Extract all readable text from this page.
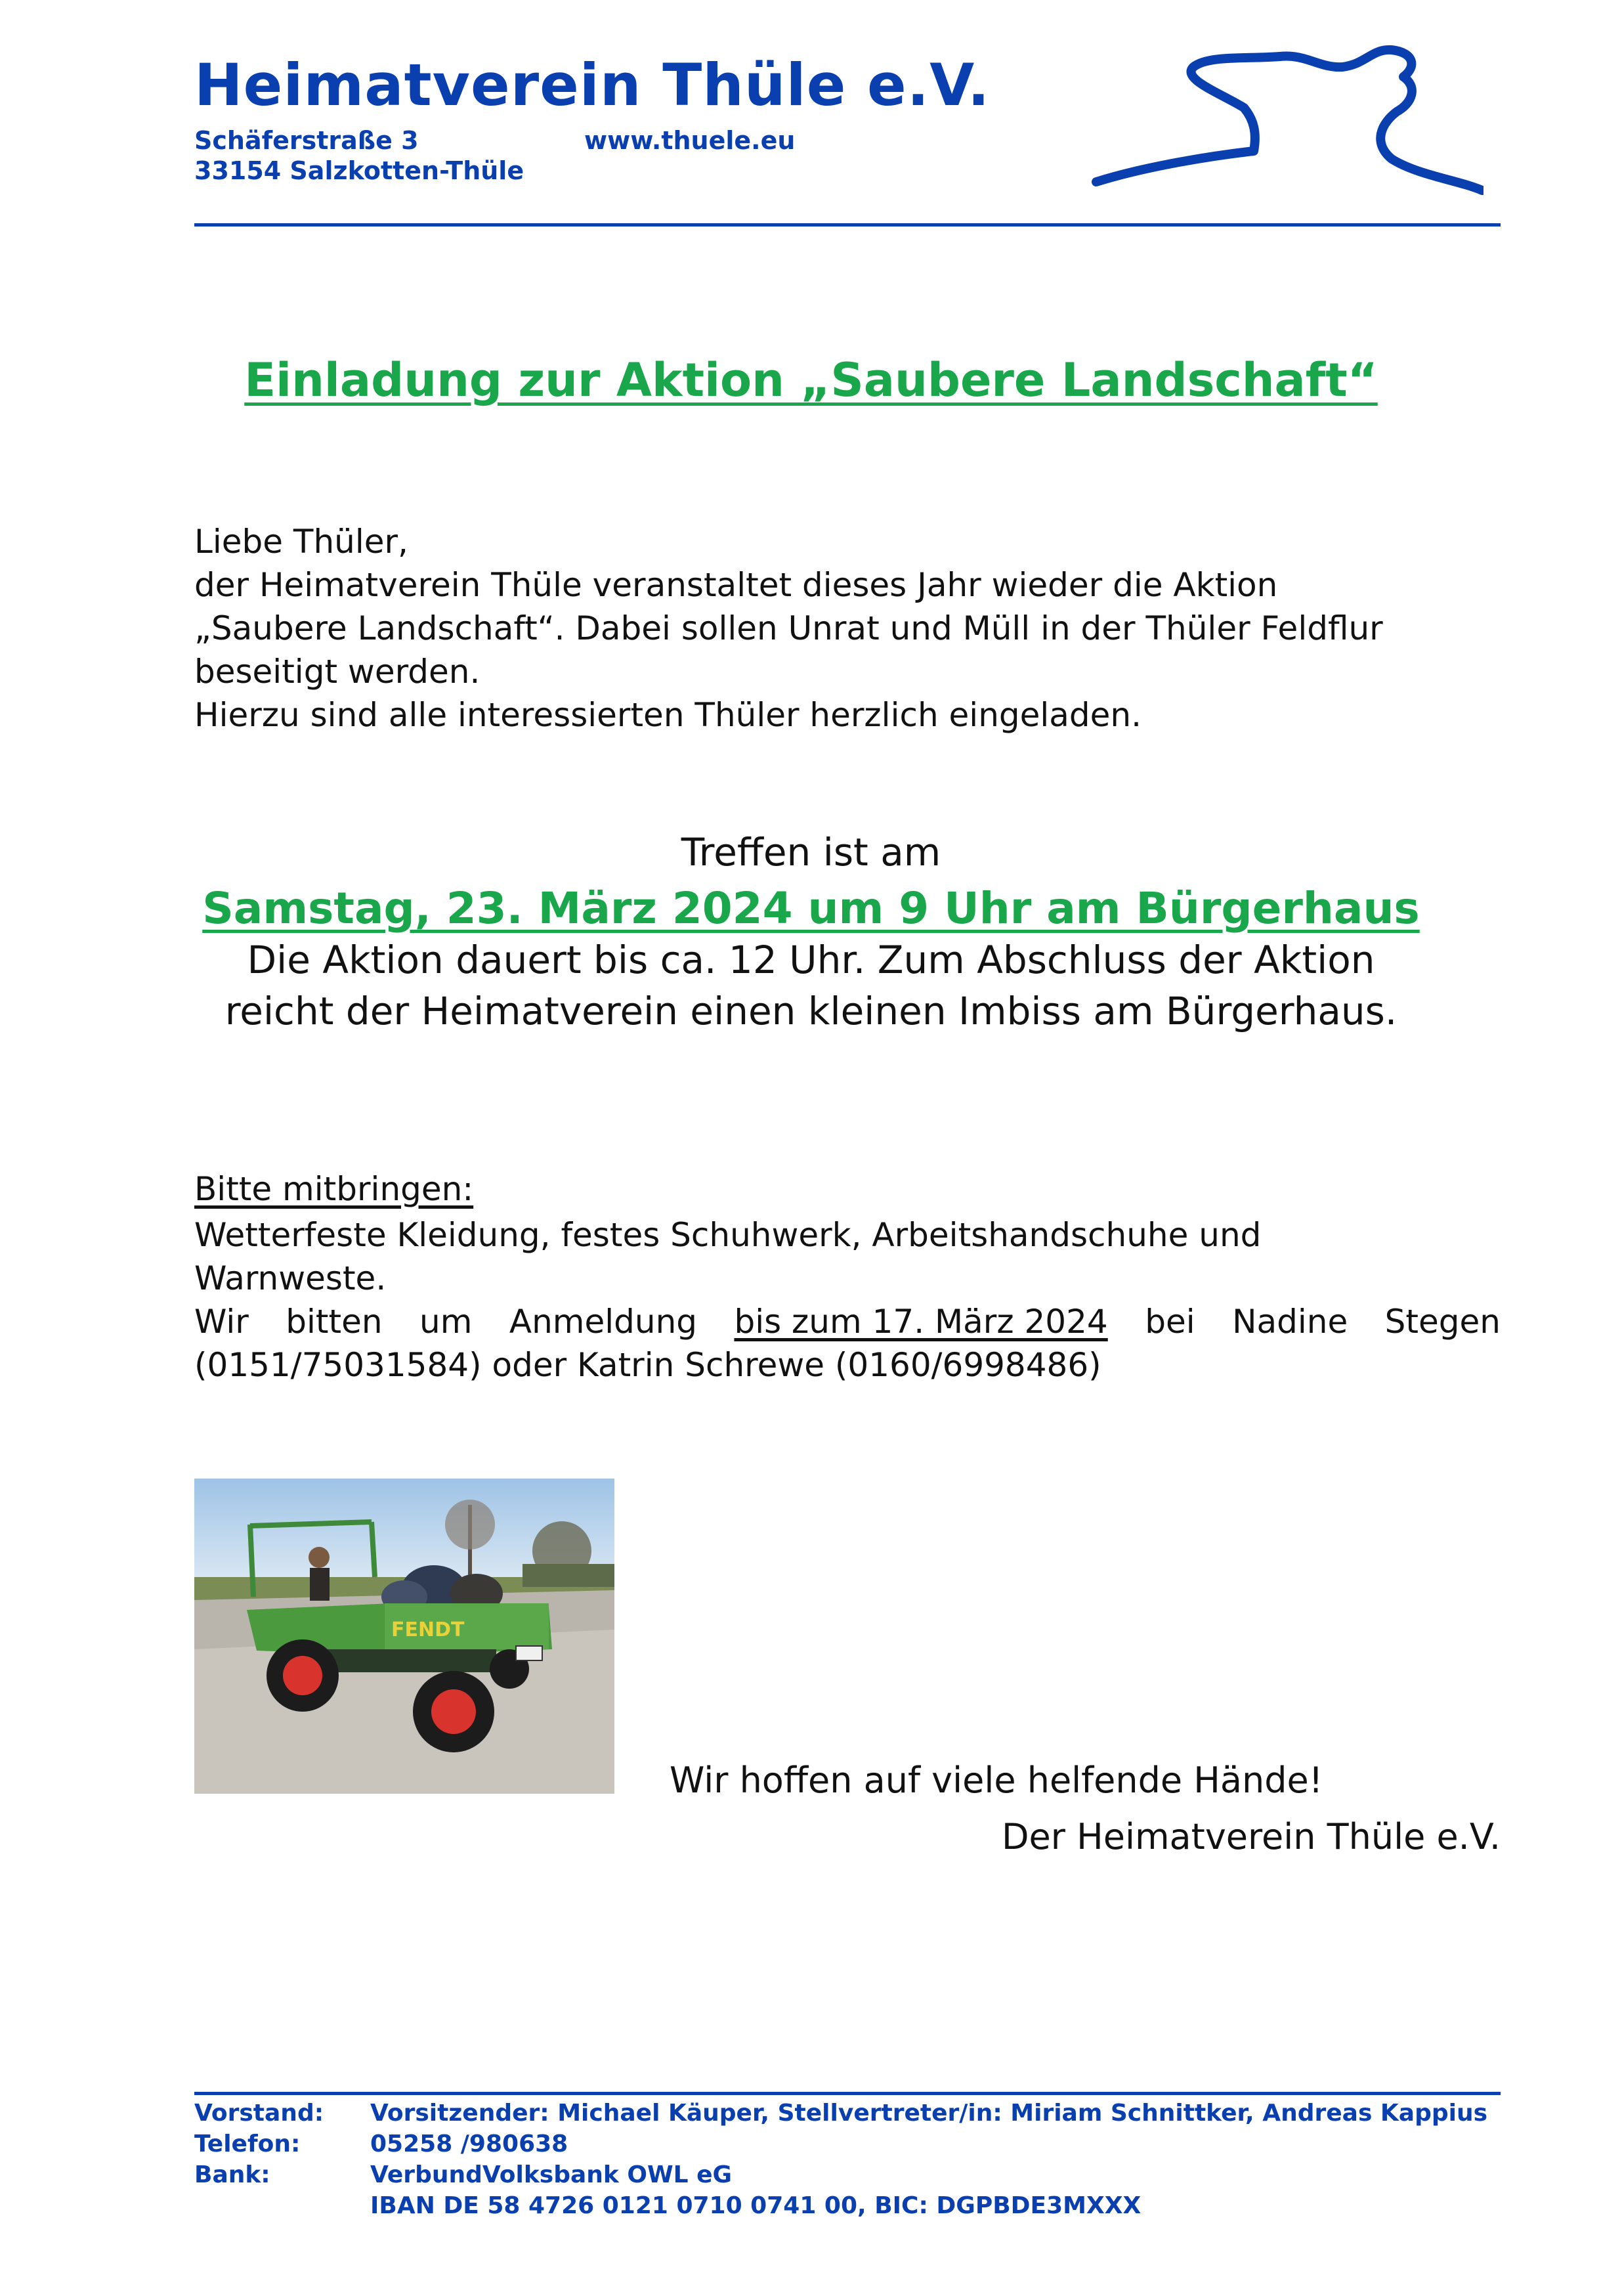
Heimatverein Thüle e.V.
Schäferstraße 3
33154 Salzkotten-Thüle
www.thuele.eu
Einladung zur Aktion „Saubere Landschaft“
Liebe Thüler,
der Heimatverein Thüle veranstaltet dieses Jahr wieder die Aktion
„Saubere Landschaft“. Dabei sollen Unrat und Müll in der Thüler Feldflur
beseitigt werden.
Hierzu sind alle interessierten Thüler herzlich eingeladen.
Treffen ist am
Samstag, 23. März 2024 um 9 Uhr am Bürgerhaus
Die Aktion dauert bis ca. 12 Uhr. Zum Abschluss der Aktion
reicht der Heimatverein einen kleinen Imbiss am Bürgerhaus.
Bitte mitbringen:
Wetterfeste Kleidung, festes Schuhwerk, Arbeitshandschuhe und
Warnweste.
Wir bitten um Anmeldung bis zum 17. März 2024 bei Nadine Stegen
(0151/75031584) oder Katrin Schrewe (0160/6998486)
FENDT
Wir hoffen auf viele helfende Hände!
Der Heimatverein Thüle e.V.
Vorstand:	Vorsitzender: Michael Käuper, Stellvertreter/in: Miriam Schnittker, Andreas Kappius
Telefon:	05258 /980638
Bank:	VerbundVolksbank OWL eG
IBAN DE 58 4726 0121 0710 0741 00, BIC: DGPBDE3MXXX
